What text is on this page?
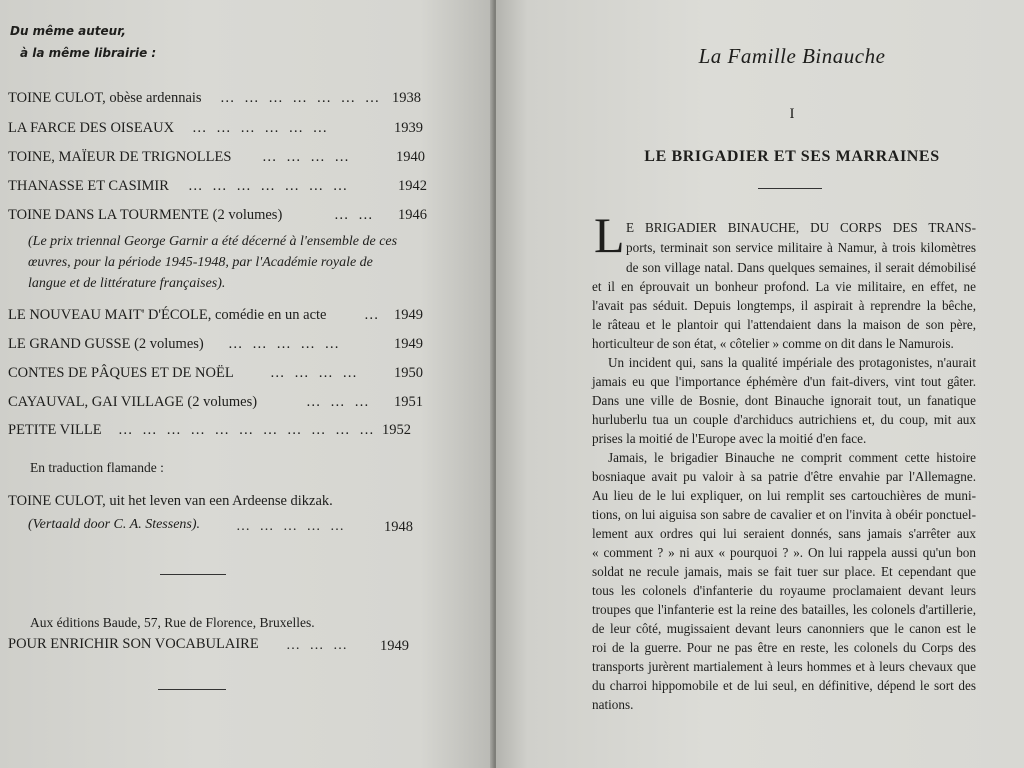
Du même auteur,
à la même librairie :
TOINE CULOT, obèse ardennais … … … … … … … 1938
LA FARCE DES OISEAUX … … … … … …	1939
TOINE, MAÏEUR DE TRIGNOLLES … … … …	1940
THANASSE ET CASIMIR … … … … … … …	1942
TOINE DANS LA TOURMENTE (2 volumes)	… … 1946
(Le prix triennal George Garnir a été décerné à l'ensemble de ces œuvres, pour la période 1945-1948, par l'Académie royale de langue et de littérature françaises).
LE NOUVEAU MAIT' D'ÉCOLE, comédie en un acte	… 1949
LE GRAND GUSSE (2 volumes) … … … … …	1949
CONTES DE PÂQUES ET DE NOËL	… … … … 1950
CAYAUVAL, GAI VILLAGE (2 volumes)	… … … 1951
PETITE VILLE … … … … … … … … … … … 1952
En traduction flamande :
TOINE CULOT, uit het leven van een Ardeense dikzak.
(Vertaald door C. A. Stessens).	… … … … …	1948
Aux éditions Baude, 57, Rue de Florence, Bruxelles.
POUR ENRICHIR SON VOCABULAIRE … … … 1949
La Famille Binauche
I
LE BRIGADIER ET SES MARRAINES
L E BRIGADIER BINAUCHE, DU CORPS DES TRANS-
ports, terminait son service militaire à Namur, à trois kilomètres
de son village natal. Dans quelques semaines, il serait démobilisé
et il en éprouvait un bonheur profond. La vie militaire, en effet, ne
l'avait pas séduit. Depuis longtemps, il aspirait à reprendre la bêche,
le râteau et le plantoir qui l'attendaient dans la maison de son père,
horticulteur de son état, « côtelier » comme on dit dans le Namurois.
Un incident qui, sans la qualité impériale des protagonistes, n'aurait
jamais eu que l'importance éphémère d'un fait-divers, vint tout gâter.
Dans une ville de Bosnie, dont Binauche ignorait tout, un fanatique
hurluberlu tua un couple d'archiducs autrichiens et, du coup, mit aux
prises la moitié de l'Europe avec la moitié d'en face.
Jamais, le brigadier Binauche ne comprit comment cette histoire
bosniaque avait pu valoir à sa patrie d'être envahie par l'Allemagne.
Au lieu de le lui expliquer, on lui remplit ses cartouchières de muni-
tions, on lui aiguisa son sabre de cavalier et on l'invita à obéir ponctuel-
lement aux ordres qui lui seraient donnés, sans jamais s'arrêter aux
« comment ? » ni aux « pourquoi ? ». On lui rappela aussi qu'un bon
soldat ne recule jamais, mais se fait tuer sur place. Et cependant que
tous les colonels d'infanterie du royaume proclamaient devant leurs
troupes que l'infanterie est la reine des batailles, les colonels d'artillerie,
de leur côté, mugissaient devant leurs canonniers que le canon est le
roi de la guerre. Pour ne pas être en reste, les colonels du Corps des
transports jurèrent martialement à leurs hommes et à leurs chevaux que
du charroi hippomobile et de lui seul, en définitive, dépend le sort des
nations.
